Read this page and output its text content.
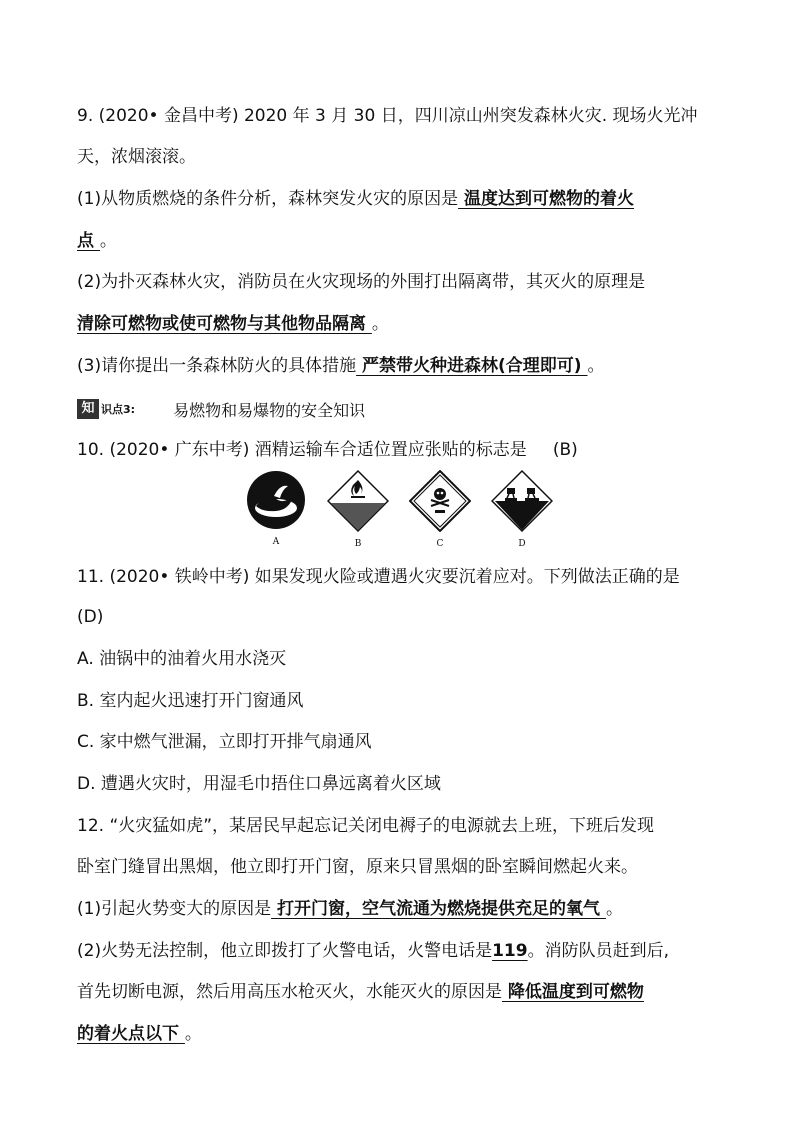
9. (2020• 金昌中考) 2020 年 3 月 30 日，四川凉山州突发森林火灾. 现场火光冲
天，浓烟滚滚。
(1)从物质燃烧的条件分析，森林突发火灾的原因是 温度达到可燃物的着火
点 。
(2)为扑灭森林火灾，消防员在火灾现场的外围打出隔离带，其灭火的原理是
清除可燃物或使可燃物与其他物品隔离 。
(3)请你提出一条森林防火的具体措施 严禁带火种进森林(合理即可) 。
知 识点3: 易燃物和易爆物的安全知识
10. (2020• 广东中考) 酒精运输车合适位置应张贴的标志是 (B)
A	B	C	D
11. (2020• 铁岭中考) 如果发现火险或遭遇火灾要沉着应对。下列做法正确的是
(D)
A. 油锅中的油着火用水浇灭
B. 室内起火迅速打开门窗通风
C. 家中燃气泄漏，立即打开排气扇通风
D. 遭遇火灾时，用湿毛巾捂住口鼻远离着火区域
12. “火灾猛如虎”，某居民早起忘记关闭电褥子的电源就去上班，下班后发现
卧室门缝冒出黑烟，他立即打开门窗，原来只冒黑烟的卧室瞬间燃起火来。
(1)引起火势变大的原因是 打开门窗，空气流通为燃烧提供充足的氧气 。
(2)火势无法控制，他立即拨打了火警电话，火警电话是119。消防队员赶到后,
首先切断电源，然后用高压水枪灭火，水能灭火的原因是 降低温度到可燃物
的着火点以下 。
